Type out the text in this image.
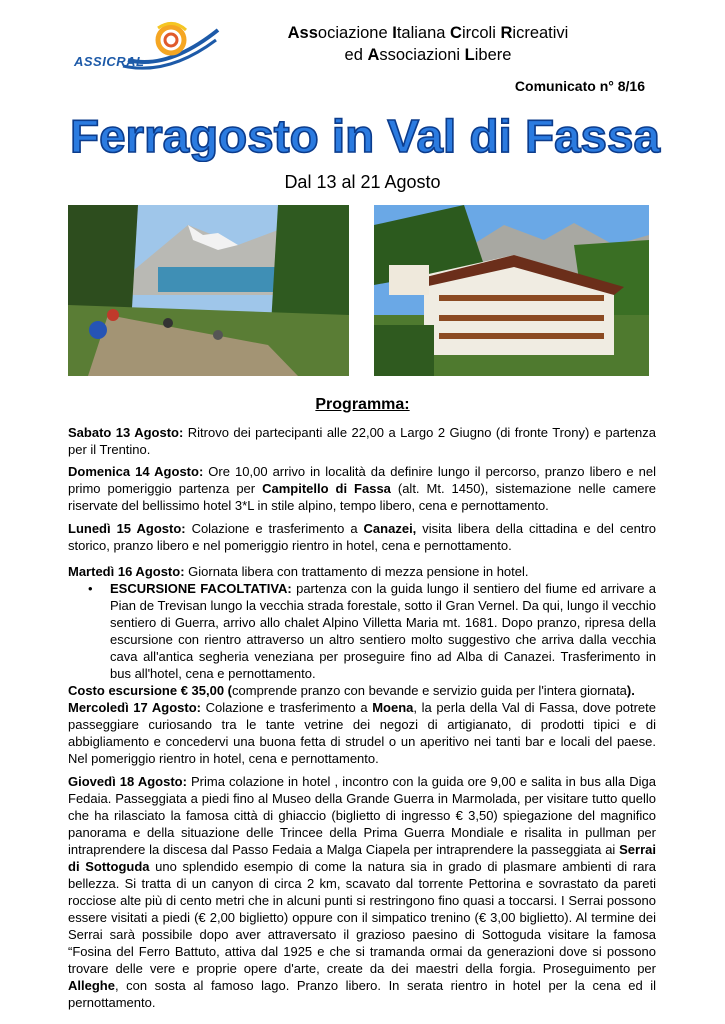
ASSICRAL
Associazione Italiana Circoli Ricreativi
ed Associazioni Libere
Comunicato n° 8/16
Ferragosto in Val di Fassa
Dal 13 al 21 Agosto
Programma:

Sabato 13 Agosto: Ritrovo dei partecipanti alle 22,00 a Largo 2 Giugno (di fronte Trony) e partenza per il Trentino.

Domenica 14 Agosto: Ore 10,00 arrivo in località da definire lungo il percorso, pranzo libero e nel primo pomeriggio partenza per Campitello di Fassa (alt. Mt. 1450), sistemazione nelle camere riservate del bellissimo hotel 3*L in stile alpino, tempo libero, cena e pernottamento.

Lunedì 15 Agosto: Colazione e trasferimento a Canazei, visita libera della cittadina e del centro storico, pranzo libero e nel pomeriggio rientro in hotel, cena e pernottamento.

Martedì 16 Agosto: Giornata libera con trattamento di mezza pensione in hotel.

• ESCURSIONE FACOLTATIVA: partenza con la guida lungo il sentiero del fiume ed arrivare a Pian de Trevisan lungo la vecchia strada forestale, sotto il Gran Vernel. Da qui, lungo il vecchio sentiero di Guerra, arrivo allo chalet Alpino Villetta Maria mt. 1681. Dopo pranzo, ripresa della escursione con rientro attraverso un altro sentiero molto suggestivo che arriva dalla vecchia cava all'antica segheria veneziana per proseguire fino ad Alba di Canazei. Trasferimento in bus all'hotel, cena e pernottamento.

Costo escursione € 35,00 (comprende pranzo con bevande e servizio guida per l'intera giornata).

Mercoledì 17 Agosto: Colazione e trasferimento a Moena, la perla della Val di Fassa, dove potrete passeggiare curiosando tra le tante vetrine dei negozi di artigianato, di prodotti tipici e di abbigliamento e concedervi una buona fetta di strudel o un aperitivo nei tanti bar e locali del paese. Nel pomeriggio rientro in hotel, cena e pernottamento.

Giovedì 18 Agosto: Prima colazione in hotel , incontro con la guida ore 9,00 e salita in bus alla Diga Fedaia. Passeggiata a piedi fino al Museo della Grande Guerra in Marmolada, per visitare tutto quello che ha rilasciato la famosa città di ghiaccio (biglietto di ingresso € 3,50) spiegazione del magnifico panorama e della situazione delle Trincee della Prima Guerra Mondiale e risalita in pullman per intraprendere la discesa dal Passo Fedaia a Malga Ciapela per intraprendere la passeggiata ai Serrai di Sottoguda uno splendido esempio di come la natura sia in grado di plasmare ambienti di rara bellezza. Si tratta di un canyon di circa 2 km, scavato dal torrente Pettorina e sovrastato da pareti rocciose alte più di cento metri che in alcuni punti si restringono fino quasi a toccarsi. I Serrai possono essere visitati a piedi (€ 2,00 biglietto) oppure con il simpatico trenino (€ 3,00 biglietto). Al termine dei Serrai sarà possibile dopo aver attraversato il grazioso paesino di Sottoguda visitare la famosa “Fosina del Ferro Battuto, attiva dal 1925 e che si tramanda ormai da generazioni dove si possono trovare delle vere e proprie opere d'arte, create da dei maestri della forgia. Proseguimento per Alleghe, con sosta al famoso lago. Pranzo libero. In serata rientro in hotel per la cena ed il pernottamento.
